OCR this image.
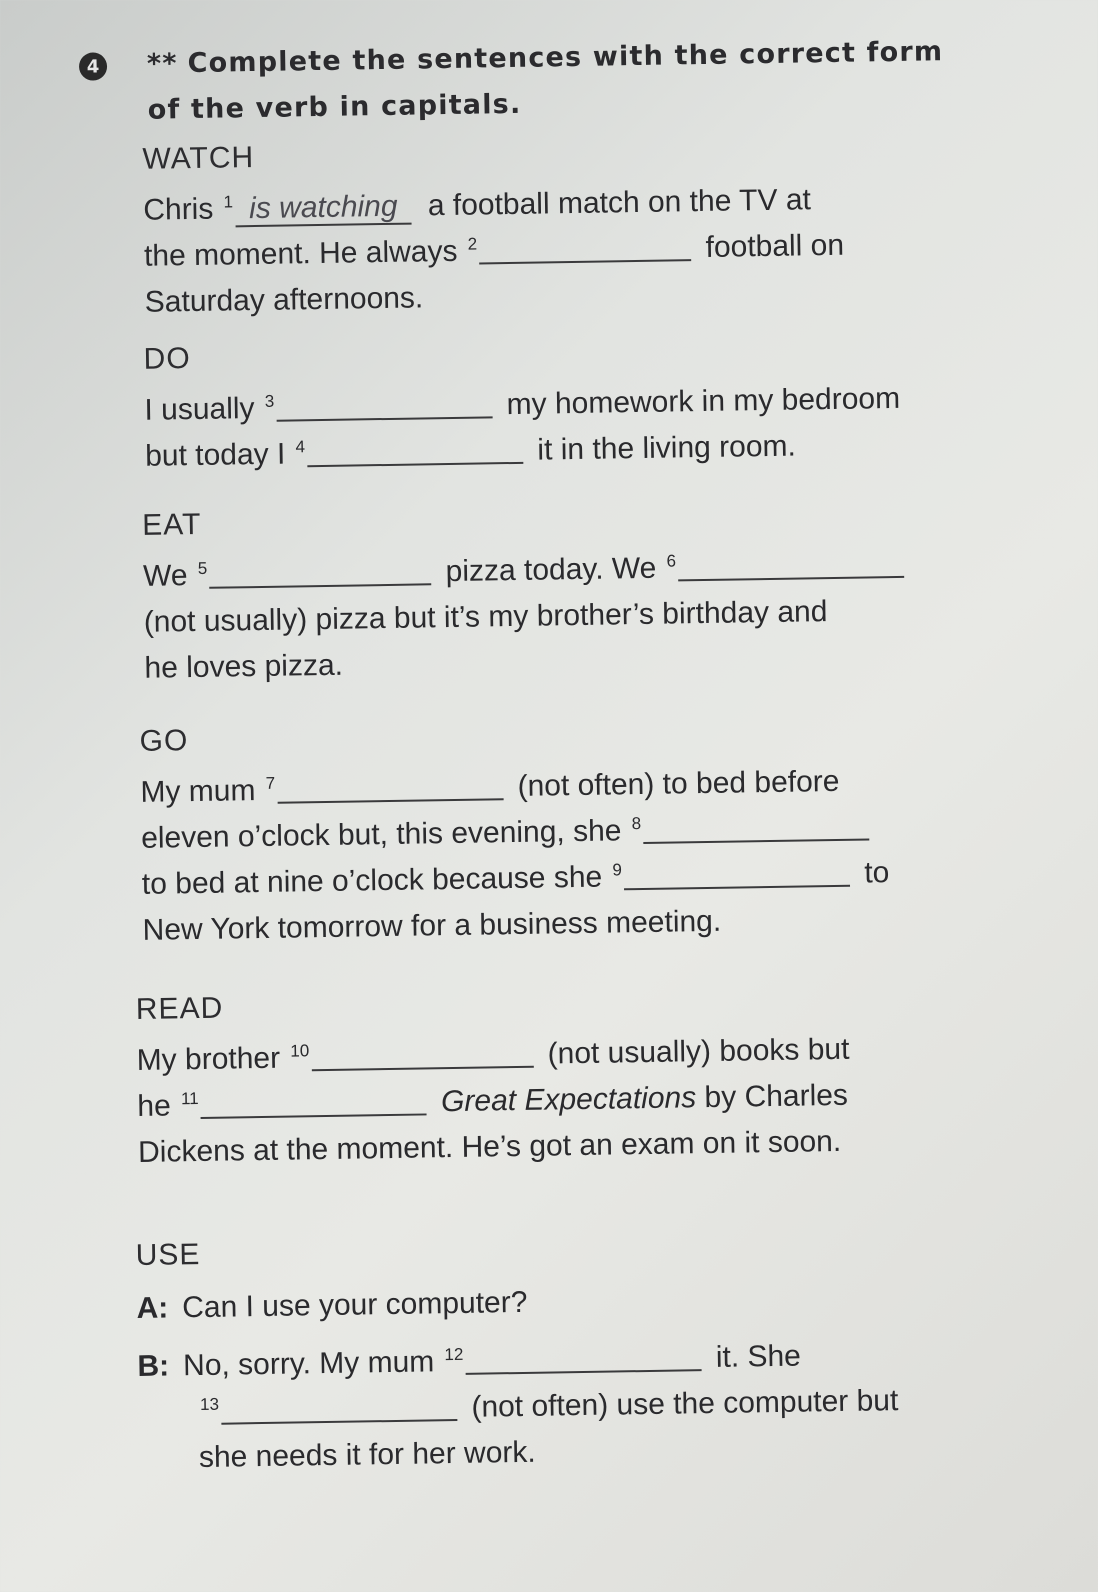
4 ** Complete the sentences with the correct form
of the verb in capitals.
WATCH
Chris $^1$ is watching a football match on the TV at
the moment. He always $^2$	football on
Saturday afternoons.
DO
I usually $^3$	my homework in my bedroom
but today I $^4$	it in the living room.
EAT
We $^5$	pizza today. We $^6$
(not usually) pizza but it’s my brother’s birthday and
he loves pizza.
GO
My mum $^7$	(not often) to bed before
eleven o’clock but, this evening, she $^8$
to bed at nine o’clock because she $^9$	to
New York tomorrow for a business meeting.
READ
My brother $^{10}$	(not usually) books but
he $^{11}$	Great Expectations by Charles
Dickens at the moment. He’s got an exam on it soon.
USE
A: Can I use your computer?
B: No, sorry. My mum $^{12}$	it. She
$^{13}$	(not often) use the computer but
she needs it for her work.
